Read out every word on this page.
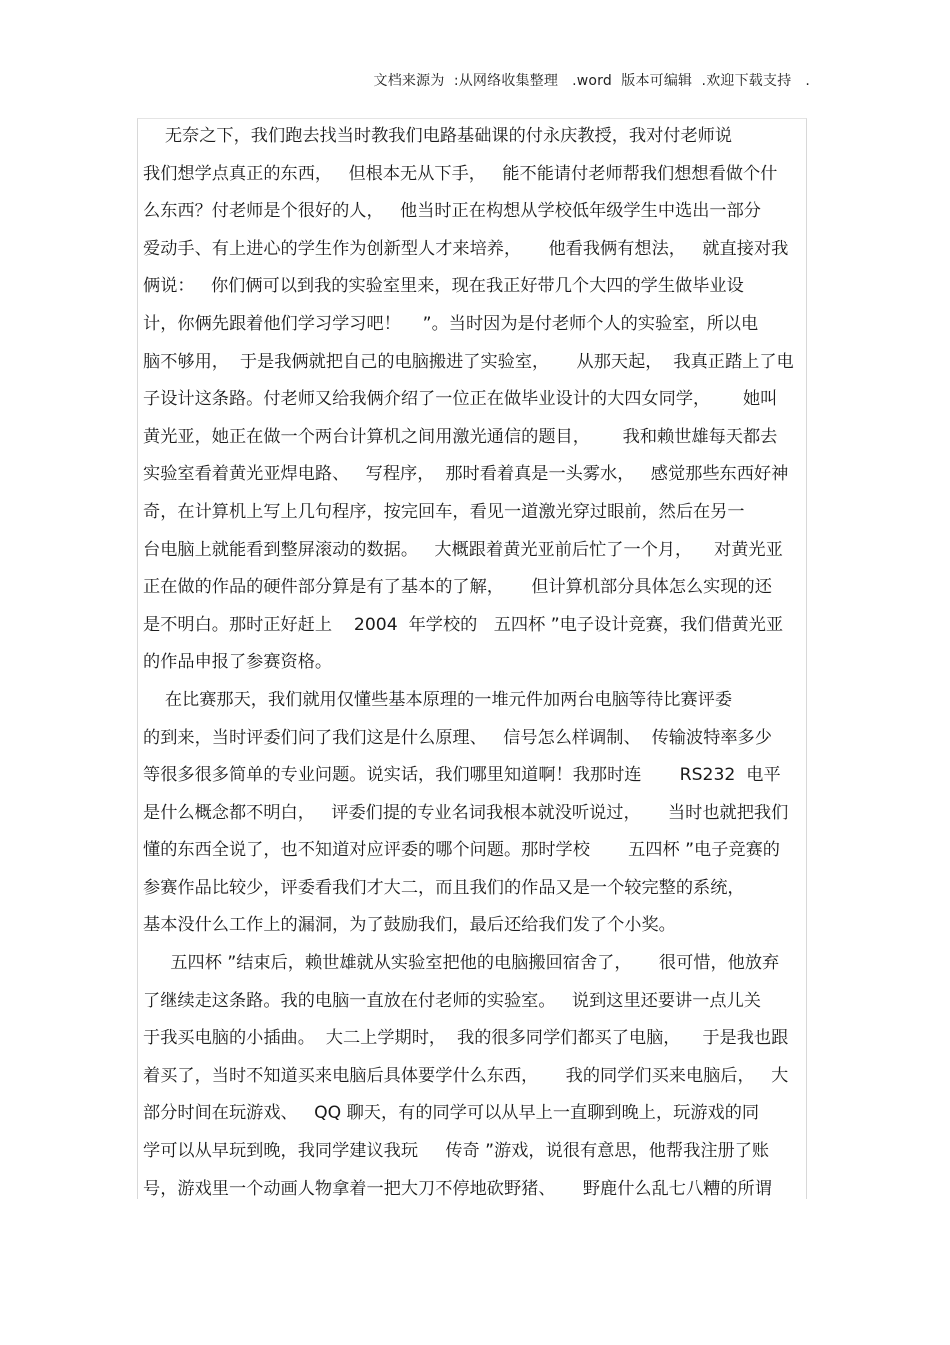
文档来源为  :从网络收集整理   .word  版本可编辑  .欢迎下载支持   .
无奈之下，我们跑去找当时教我们电路基础课的付永庆教授，我对付老师说
我们想学点真正的东西，   但根本无从下手，   能不能请付老师帮我们想想看做个什
么东西？付老师是个很好的人，   他当时正在构想从学校低年级学生中选出一部分
爱动手、有上进心的学生作为创新型人才来培养，     他看我俩有想法，   就直接对我
俩说：   你们俩可以到我的实验室里来，现在我正好带几个大四的学生做毕业设
计，你俩先跟着他们学习学习吧！    ”。当时因为是付老师个人的实验室，所以电
脑不够用，  于是我俩就把自己的电脑搬进了实验室，     从那天起，  我真正踏上了电
子设计这条路。付老师又给我俩介绍了一位正在做毕业设计的大四女同学，      她叫
黄光亚，她正在做一个两台计算机之间用激光通信的题目，      我和赖世雄每天都去
实验室看着黄光亚焊电路、   写程序，  那时看着真是一头雾水，   感觉那些东西好神
奇，在计算机上写上几句程序，按完回车，看见一道激光穿过眼前，然后在另一
台电脑上就能看到整屏滚动的数据。   大概跟着黄光亚前后忙了一个月，    对黄光亚
正在做的作品的硬件部分算是有了基本的了解，     但计算机部分具体怎么实现的还
是不明白。那时正好赶上    2004  年学校的   五四杯 ”电子设计竞赛，我们借黄光亚
的作品申报了参赛资格。
在比赛那天，我们就用仅懂些基本原理的一堆元件加两台电脑等待比赛评委
的到来，当时评委们问了我们这是什么原理、   信号怎么样调制、  传输波特率多少
等很多很多简单的专业问题。说实话，我们哪里知道啊！我那时连       RS232  电平
是什么概念都不明白，   评委们提的专业名词我根本就没听说过，     当时也就把我们
懂的东西全说了，也不知道对应评委的哪个问题。那时学校       五四杯 ”电子竞赛的
参赛作品比较少，评委看我们才大二，而且我们的作品又是一个较完整的系统，
基本没什么工作上的漏洞，为了鼓励我们，最后还给我们发了个小奖。
五四杯 ”结束后，赖世雄就从实验室把他的电脑搬回宿舍了，     很可惜，他放弃
了继续走这条路。我的电脑一直放在付老师的实验室。   说到这里还要讲一点儿关
于我买电脑的小插曲。  大二上学期时，  我的很多同学们都买了电脑，    于是我也跟
着买了，当时不知道买来电脑后具体要学什么东西，     我的同学们买来电脑后，   大
部分时间在玩游戏、   QQ 聊天，有的同学可以从早上一直聊到晚上，玩游戏的同
学可以从早玩到晚，我同学建议我玩     传奇 ”游戏，说很有意思，他帮我注册了账
号，游戏里一个动画人物拿着一把大刀不停地砍野猪、     野鹿什么乱七八糟的所谓
